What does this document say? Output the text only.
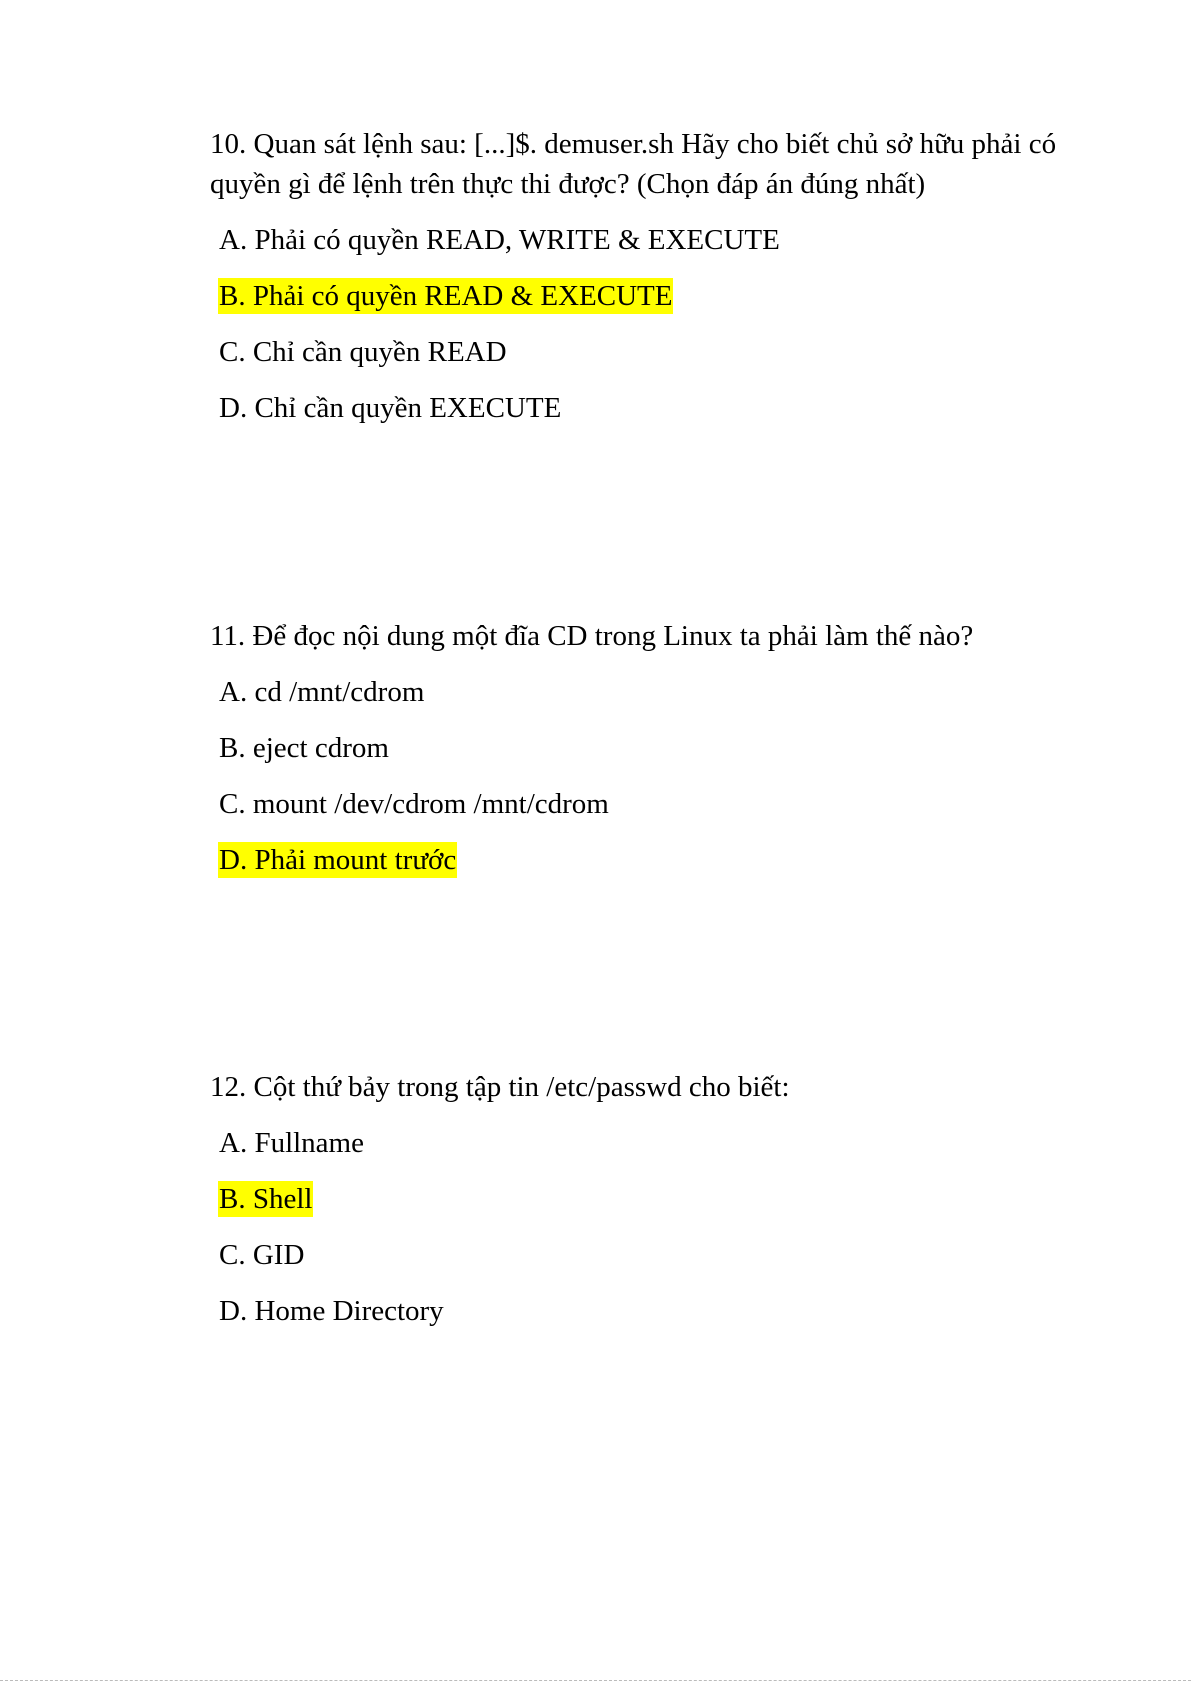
10. Quan sát lệnh sau: [...]$. demuser.sh Hãy cho biết chủ sở hữu phải có quyền gì để lệnh trên thực thi được? (Chọn đáp án đúng nhất)

A. Phải có quyền READ, WRITE & EXECUTE
B. Phải có quyền READ & EXECUTE
C. Chỉ cần quyền READ
D. Chỉ cần quyền EXECUTE

11. Để đọc nội dung một đĩa CD trong Linux ta phải làm thế nào?

A. cd /mnt/cdrom
B. eject cdrom
C. mount /dev/cdrom /mnt/cdrom
D. Phải mount trước

12. Cột thứ bảy trong tập tin /etc/passwd cho biết:

A. Fullname
B. Shell
C. GID
D. Home Directory
